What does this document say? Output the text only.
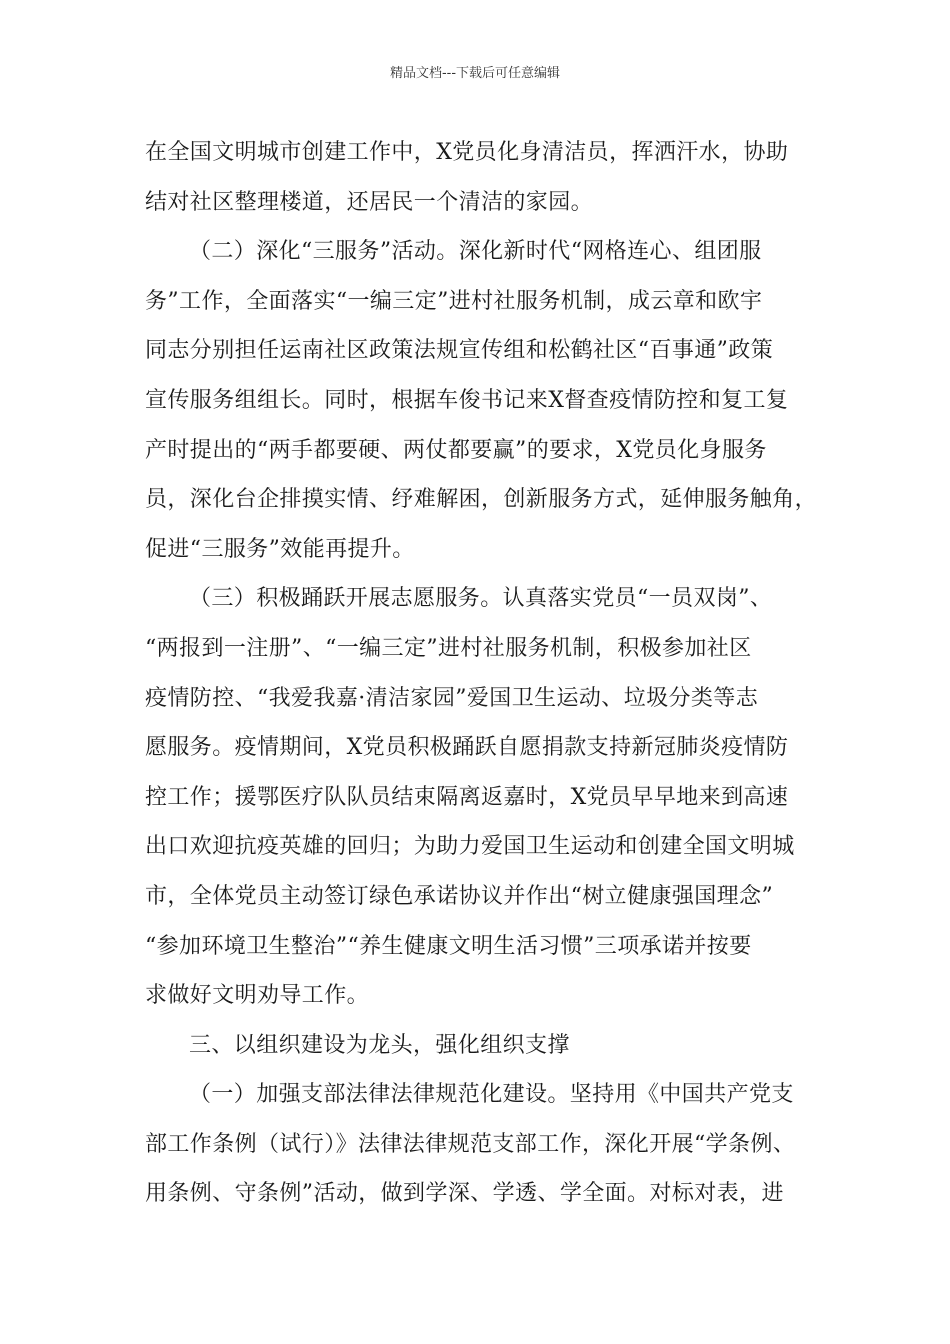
精品文档---下载后可任意编辑
在全国文明城市创建工作中，X党员化身清洁员，挥洒汗水，协助
结对社区整理楼道，还居民一个清洁的家园。
（二）深化“三服务”活动。深化新时代“网格连心、组团服
务”工作，全面落实“一编三定”进村社服务机制，成云章和欧宇
同志分别担任运南社区政策法规宣传组和松鹤社区“百事通”政策
宣传服务组组长。同时，根据车俊书记来X督查疫情防控和复工复
产时提出的“两手都要硬、两仗都要赢”的要求，X党员化身服务
员，深化台企排摸实情、纾难解困，创新服务方式，延伸服务触角，
促进“三服务”效能再提升。
（三）积极踊跃开展志愿服务。认真落实党员“一员双岗”、
“两报到一注册”、“一编三定”进村社服务机制，积极参加社区
疫情防控、“我爱我嘉·清洁家园”爱国卫生运动、垃圾分类等志
愿服务。疫情期间，X党员积极踊跃自愿捐款支持新冠肺炎疫情防
控工作；援鄂医疗队队员结束隔离返嘉时，X党员早早地来到高速
出口欢迎抗疫英雄的回归；为助力爱国卫生运动和创建全国文明城
市，全体党员主动签订绿色承诺协议并作出“树立健康强国理念”
“参加环境卫生整治”“养生健康文明生活习惯”三项承诺并按要
求做好文明劝导工作。
三、以组织建设为龙头，强化组织支撑
（一）加强支部法律法律规范化建设。坚持用《中国共产党支
部工作条例（试行）》法律法律规范支部工作，深化开展“学条例、
用条例、守条例”活动，做到学深、学透、学全面。对标对表，进
